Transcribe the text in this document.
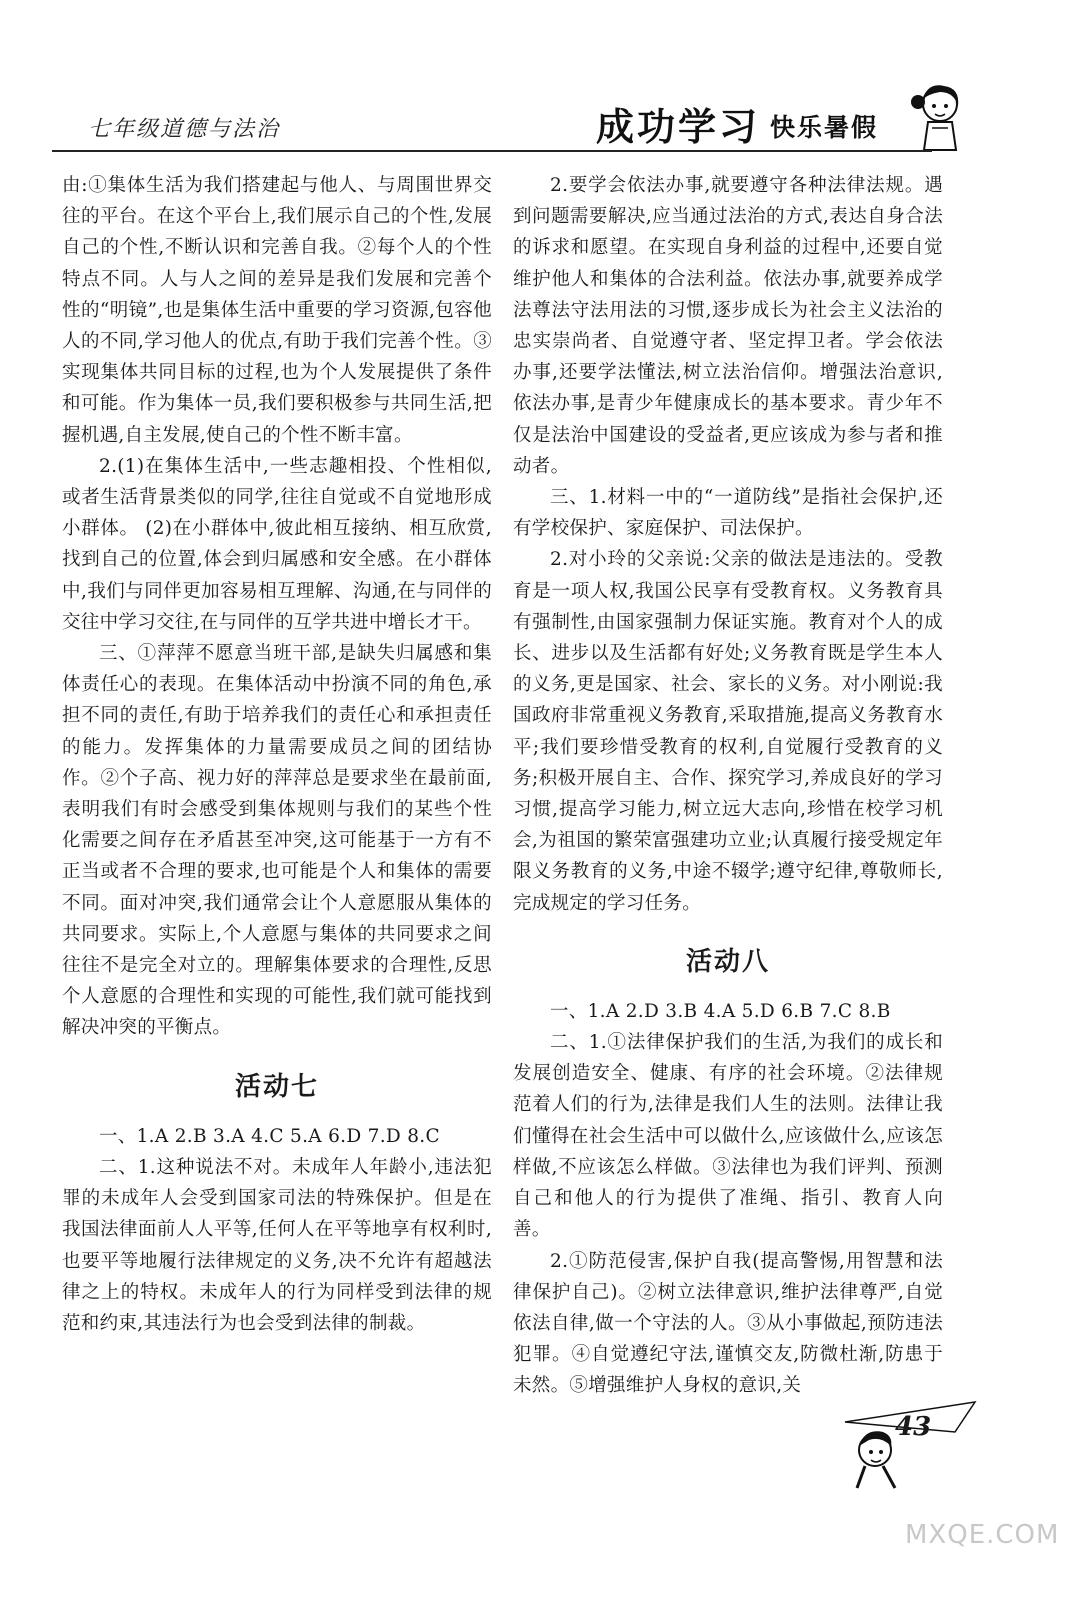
七年级道德与法治	成功学习 快乐暑假

由:①集体生活为我们搭建起与他人、与周围世界交往的平台。在这个平台上,我们展示自己的个性,发展自己的个性,不断认识和完善自我。②每个人的个性特点不同。人与人之间的差异是我们发展和完善个性的“明镜”,也是集体生活中重要的学习资源,包容他人的不同,学习他人的优点,有助于我们完善个性。③实现集体共同目标的过程,也为个人发展提供了条件和可能。作为集体一员,我们要积极参与共同生活,把握机遇,自主发展,使自己的个性不断丰富。

2.(1)在集体生活中,一些志趣相投、个性相似,或者生活背景类似的同学,往往自觉或不自觉地形成小群体。 (2)在小群体中,彼此相互接纳、相互欣赏,找到自己的位置,体会到归属感和安全感。在小群体中,我们与同伴更加容易相互理解、沟通,在与同伴的交往中学习交往,在与同伴的互学共进中增长才干。

三、①萍萍不愿意当班干部,是缺失归属感和集体责任心的表现。在集体活动中扮演不同的角色,承担不同的责任,有助于培养我们的责任心和承担责任的能力。发挥集体的力量需要成员之间的团结协作。②个子高、视力好的萍萍总是要求坐在最前面,表明我们有时会感受到集体规则与我们的某些个性化需要之间存在矛盾甚至冲突,这可能基于一方有不正当或者不合理的要求,也可能是个人和集体的需要不同。面对冲突,我们通常会让个人意愿服从集体的共同要求。实际上,个人意愿与集体的共同要求之间往往不是完全对立的。理解集体要求的合理性,反思个人意愿的合理性和实现的可能性,我们就可能找到解决冲突的平衡点。

活动七

一、1.A 2.B 3.A 4.C 5.A 6.D 7.D 8.C

二、1.这种说法不对。未成年人年龄小,违法犯罪的未成年人会受到国家司法的特殊保护。但是在我国法律面前人人平等,任何人在平等地享有权利时,也要平等地履行法律规定的义务,决不允许有超越法律之上的特权。未成年人的行为同样受到法律的规范和约束,其违法行为也会受到法律的制裁。

2.要学会依法办事,就要遵守各种法律法规。遇到问题需要解决,应当通过法治的方式,表达自身合法的诉求和愿望。在实现自身利益的过程中,还要自觉维护他人和集体的合法利益。依法办事,就要养成学法尊法守法用法的习惯,逐步成长为社会主义法治的忠实崇尚者、自觉遵守者、坚定捍卫者。学会依法办事,还要学法懂法,树立法治信仰。增强法治意识,依法办事,是青少年健康成长的基本要求。青少年不仅是法治中国建设的受益者,更应该成为参与者和推动者。

三、1.材料一中的“一道防线”是指社会保护,还有学校保护、家庭保护、司法保护。

2.对小玲的父亲说:父亲的做法是违法的。受教育是一项人权,我国公民享有受教育权。义务教育具有强制性,由国家强制力保证实施。教育对个人的成长、进步以及生活都有好处;义务教育既是学生本人的义务,更是国家、社会、家长的义务。对小刚说:我国政府非常重视义务教育,采取措施,提高义务教育水平;我们要珍惜受教育的权利,自觉履行受教育的义务;积极开展自主、合作、探究学习,养成良好的学习习惯,提高学习能力,树立远大志向,珍惜在校学习机会,为祖国的繁荣富强建功立业;认真履行接受规定年限义务教育的义务,中途不辍学;遵守纪律,尊敬师长,完成规定的学习任务。

活动八

一、1.A 2.D 3.B 4.A 5.D 6.B 7.C 8.B

二、1.①法律保护我们的生活,为我们的成长和发展创造安全、健康、有序的社会环境。②法律规范着人们的行为,法律是我们人生的法则。法律让我们懂得在社会生活中可以做什么,应该做什么,应该怎样做,不应该怎么样做。③法律也为我们评判、预测自己和他人的行为提供了准绳、指引、教育人向善。

2.①防范侵害,保护自我(提高警惕,用智慧和法律保护自己)。②树立法律意识,维护法律尊严,自觉依法自律,做一个守法的人。③从小事做起,预防违法犯罪。④自觉遵纪守法,谨慎交友,防微杜渐,防患于未然。⑤增强维护人身权的意识,关

43
MXQE.COM
